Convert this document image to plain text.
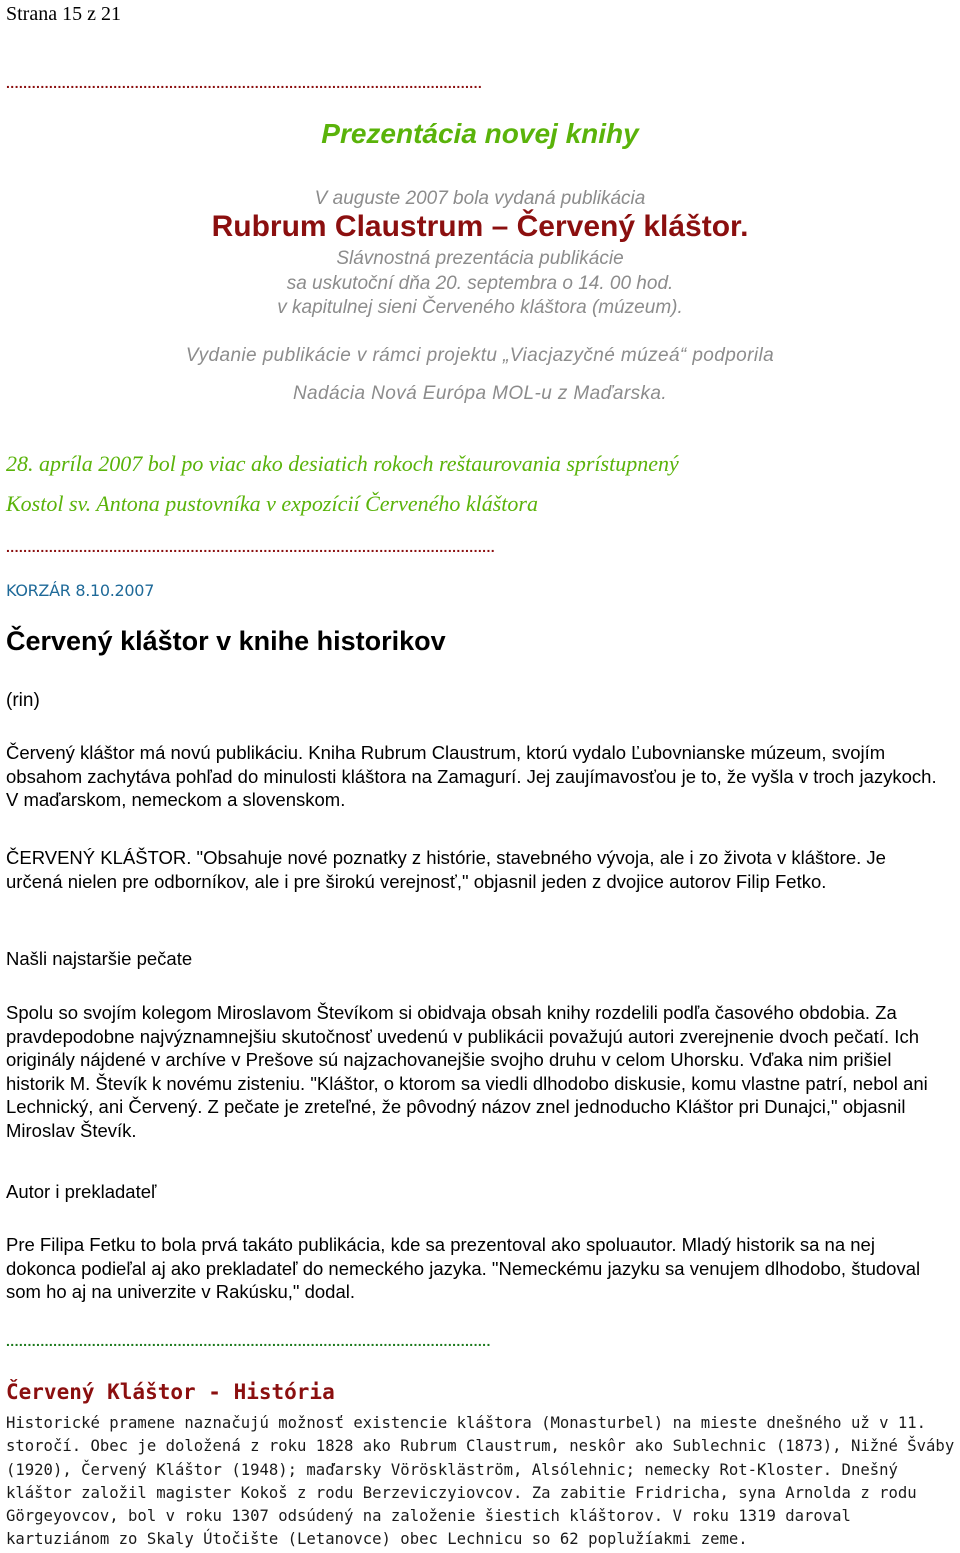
Strana 15 z 21
...............................................................................................................
Prezentácia novej knihy
V auguste 2007 bola vydaná publikácia
Rubrum Claustrum – Červený kláštor.
Slávnostná prezentácia publikácie
sa uskutoční dňa 20. septembra o 14. 00 hod.
v kapitulnej sieni Červeného kláštora (múzeum).
Vydanie publikácie v rámci projektu „Viacjazyčné múzeá“ podporila
Nadácia Nová Európa MOL-u z Maďarska.
28. apríla 2007 bol po viac ako desiatich rokoch reštaurovania sprístupnený
Kostol sv. Antona pustovníka v expozícií Červeného kláštora
..................................................................................................................
KORZÁR 8.10.2007
Červený kláštor v knihe historikov
(rin)
Červený kláštor má novú publikáciu. Kniha Rubrum Claustrum, ktorú vydalo Ľubovnianske múzeum, svojím obsahom zachytáva pohľad do minulosti kláštora na Zamagurí. Jej zaujímavosťou je to, že vyšla v troch jazykoch. V maďarskom, nemeckom a slovenskom.
ČERVENÝ KLÁŠTOR. "Obsahuje nové poznatky z histórie, stavebného vývoja, ale i zo života v kláštore. Je určená nielen pre odborníkov, ale i pre širokú verejnosť," objasnil jeden z dvojice autorov Filip Fetko.
Našli najstaršie pečate
Spolu so svojím kolegom Miroslavom Števíkom si obidvaja obsah knihy rozdelili podľa časového obdobia. Za pravdepodobne najvýznamnejšiu skutočnosť uvedenú v publikácii považujú autori zverejnenie dvoch pečatí. Ich originály nájdené v archíve v Prešove sú najzachovanejšie svojho druhu v celom Uhorsku. Vďaka nim prišiel historik M. Števík k novému zisteniu. "Kláštor, o ktorom sa viedli dlhodobo diskusie, komu vlastne patrí, nebol ani Lechnický, ani Červený. Z pečate je zreteľné, že pôvodný názov znel jednoducho Kláštor pri Dunajci," objasnil Miroslav Števík.
Autor i prekladateľ
Pre Filipa Fetku to bola prvá takáto publikácia, kde sa prezentoval ako spoluautor. Mladý historik sa na nej dokonca podieľal aj ako prekladateľ do nemeckého jazyka. "Nemeckému jazyku sa venujem dlhodobo, študoval som ho aj na univerzite v Rakúsku," dodal.
.................................................................................................................
Červený Kláštor - História
Historické pramene naznačujú možnosť existencie kláštora (Monasturbel) na mieste dnešného už v 11. storočí. Obec je doložená z roku 1828 ako Rubrum Claustrum, neskôr ako Sublechnic (1873), Nižné Šváby (1920), Červený Kláštor (1948); maďarsky Vöröskläström, Alsólehnic; nemecky Rot-Kloster. Dnešný kláštor založil magister Kokoš z rodu Berzeviczyiovcov. Za zabitie Fridricha, syna Arnolda z rodu Görgeyovcov, bol v roku 1307 odsúdený na založenie šiestich kláštorov. V roku 1319 daroval kartuziánom zo Skaly Útočište (Letanovce) obec Lechnicu so 62 poplužíakmi zeme.
